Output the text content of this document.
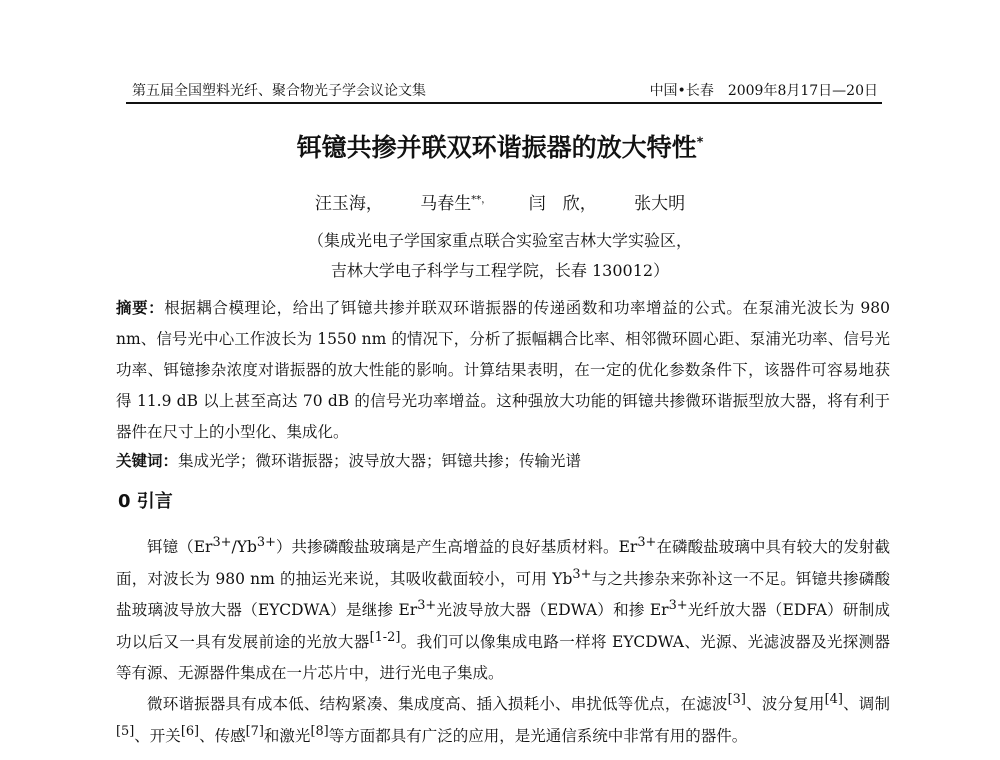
第五届全国塑料光纤、聚合物光子学会议论文集	中国•长春　2009年8月17日—20日
铒镱共掺并联双环谐振器的放大特性*
汪玉海， 马春生**， 闫　欣， 张大明
（集成光电子学国家重点联合实验室吉林大学实验区，
吉林大学电子科学与工程学院，长春 130012）
摘要：根据耦合模理论，给出了铒镱共掺并联双环谐振器的传递函数和功率增益的公式。在泵浦光波长为 980 nm、信号光中心工作波长为 1550 nm 的情况下，分析了振幅耦合比率、相邻微环圆心距、泵浦光功率、信号光功率、铒镱掺杂浓度对谐振器的放大性能的影响。计算结果表明，在一定的优化参数条件下，该器件可容易地获得 11.9 dB 以上甚至高达 70 dB 的信号光功率增益。这种强放大功能的铒镱共掺微环谐振型放大器，将有利于器件在尺寸上的小型化、集成化。
关键词：集成光学；微环谐振器；波导放大器；铒镱共掺；传输光谱
0 引言
铒镱$(Er^{3+}/Yb^{3+})$共掺磷酸盐玻璃是产生高增益的良好基质材料。$Er^{3+}$在磷酸盐玻璃中具有较大的发射截面，对波长为 980 nm 的抽运光来说，其吸收截面较小，可用 $Yb^{3+}$与之共掺杂来弥补这一不足。铒镱共掺磷酸盐玻璃波导放大器（EYCDWA）是继掺 $Er^{3+}$光波导放大器（EDWA）和掺 $Er^{3+}$光纤放大器（EDFA）研制成功以后又一具有发展前途的光放大器[1-2]。我们可以像集成电路一样将 EYCDWA、光源、光滤波器及光探测器等有源、无源器件集成在一片芯片中，进行光电子集成。
微环谐振器具有成本低、结构紧凑、集成度高、插入损耗小、串扰低等优点，在滤波[3]、波分复用[4]、调制[5]、开关[6]、传感[7]和激光[8]等方面都具有广泛的应用，是光通信系统中非常有用的器件。
